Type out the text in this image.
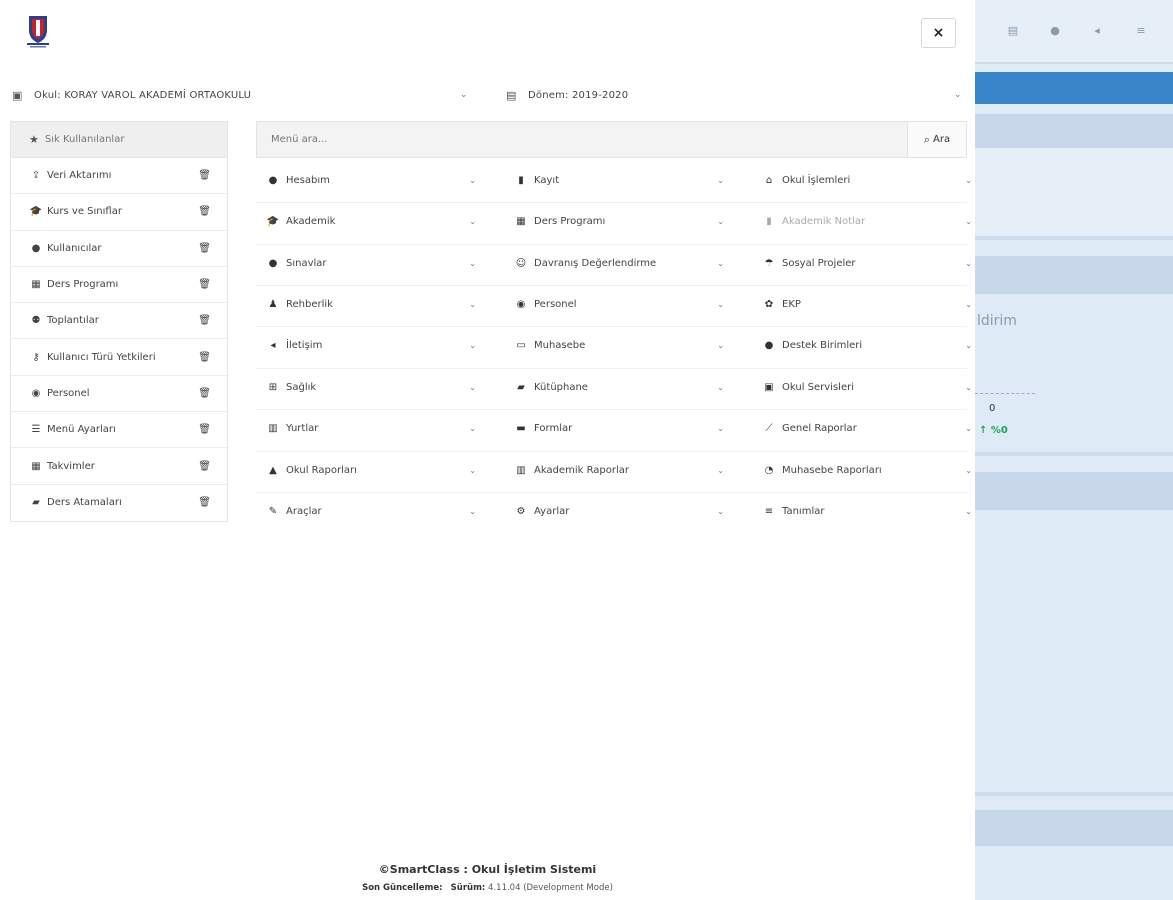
▤	●	◂	≡
ldirim
0
↑ %0
×
▣	Okul: KORAY VAROL AKADEMİ ORTAOKULU	⌄	▤	Dönem: 2019-2020	⌄
★ Sık Kullanılanlar
⇪ Veri Aktarımı	🗑
🎓 Kurs ve Sınıflar	🗑
● Kullanıcılar	🗑
▦ Ders Programı	🗑
⚉ Toplantılar	🗑
⚷ Kullanıcı Türü Yetkileri	🗑
◉ Personel	🗑
☰ Menü Ayarları	🗑
▦ Takvimler	🗑
▰ Ders Atamaları	🗑
Menü ara...
⌕ Ara
● Hesabım	⌄
🎓 Akademik	⌄
● Sınavlar	⌄
♟ Rehberlik	⌄
◂	İletişim	⌄
⊞ Sağlık	⌄
▥ Yurtlar	⌄
▲ Okul Raporları	⌄
✎ Araçlar	⌄
▮	Kayıt	⌄
▦ Ders Programı	⌄
☺ Davranış Değerlendirme	⌄
◉ Personel	⌄
▭ Muhasebe	⌄
▰ Kütüphane	⌄
▬ Formlar	⌄
▥ Akademik Raporlar	⌄
⚙ Ayarlar	⌄
⌂ Okul İşlemleri	⌄
▮	Akademik Notlar	⌄
☂ Sosyal Projeler	⌄
✿ EKP	⌄
● Destek Birimleri	⌄
▣ Okul Servisleri	⌄
⟋ Genel Raporlar	⌄
◔ Muhasebe Raporları	⌄
≡ Tanımlar	⌄
©SmartClass : Okul İşletim Sistemi
Son Güncelleme: Sürüm: 4.11.04 (Development Mode)
